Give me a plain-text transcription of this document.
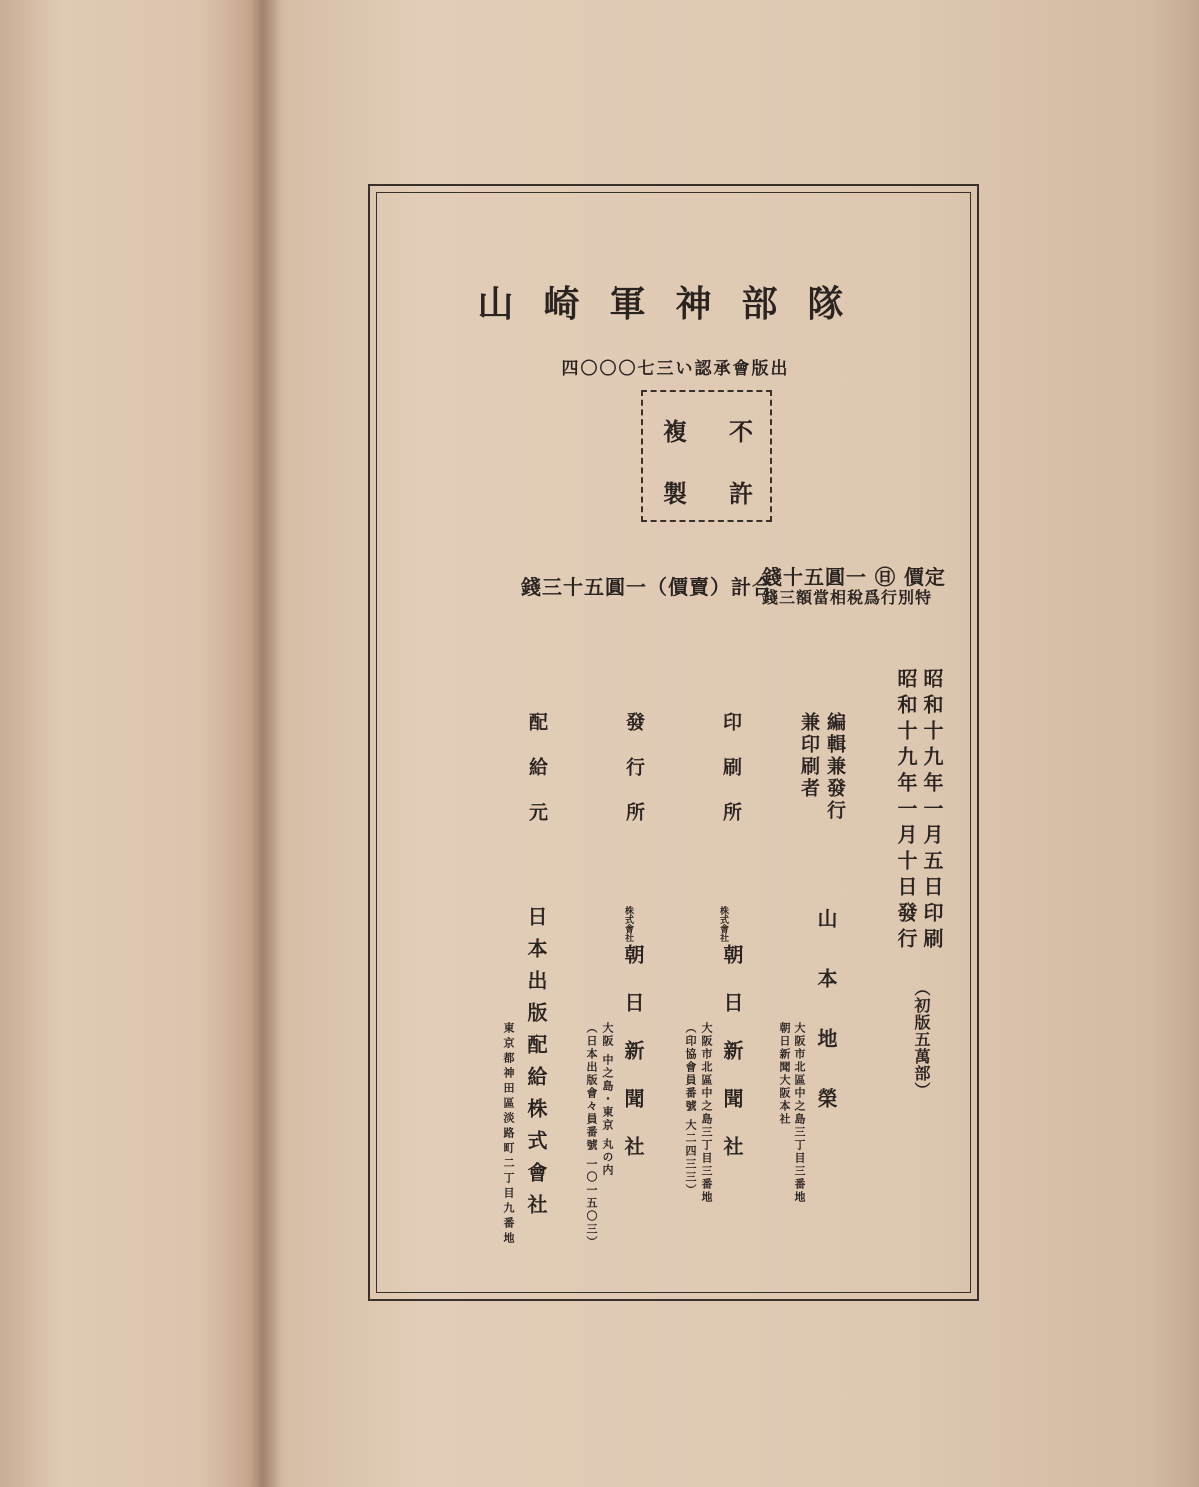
隊部神軍崎山
出版會承認い三七〇〇〇四
不
許
複
製
定價 ㊐ 一圓五十錢
特別行爲稅相當額三錢
合計（賣價）一圓五十三錢
昭和十九年一月五日印刷
昭和十九年一月十日發行
（初版五萬部）
編輯兼發行
兼印刷者
山本地榮
大阪市北區中之島三丁目三番地
朝日新聞大阪本社
印刷所
株式會社
朝日新聞社
大阪市北區中之島三丁目三番地
（印協會員番號 大二四三三）
發行所
株式會社
朝日新聞社
大阪 中之島・東京 丸の内
（日本出版會々員番號 一〇一五〇三）
配給元
日本出版配給株式會社
東京都神田區淡路町二丁目九番地
